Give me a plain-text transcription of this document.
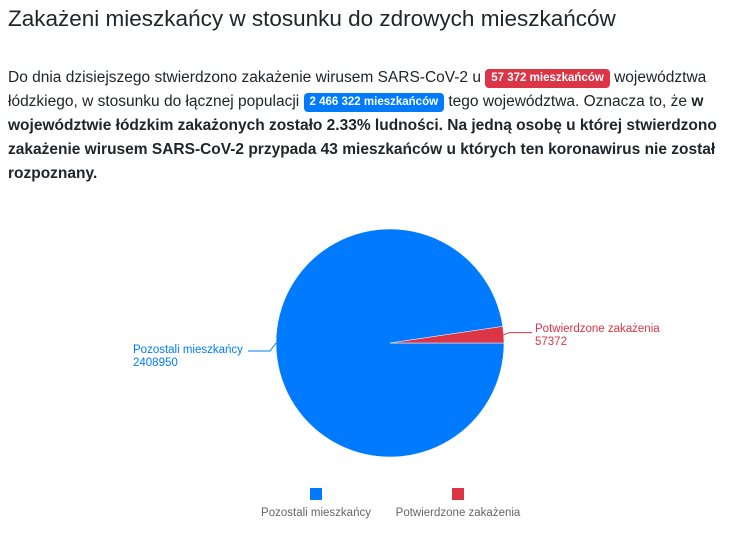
Zakażeni mieszkańcy w stosunku do zdrowych mieszkańców

Do dnia dzisiejszego stwierdzono zakażenie wirusem SARS-CoV-2 u 57 372 mieszkańców województwa łódzkiego, w stosunku do łącznej populacji 2 466 322 mieszkańców tego województwa. Oznacza to, że w województwie łódzkim zakażonych zostało 2.33% ludności. Na jedną osobę u której stwierdzono zakażenie wirusem SARS-CoV-2 przypada 43 mieszkańców u których ten koronawirus nie został rozpoznany.

Pozostali mieszkańcy
2408950
Potwierdzone zakażenia
57372
Pozostali mieszkańcy	Potwierdzone zakażenia
